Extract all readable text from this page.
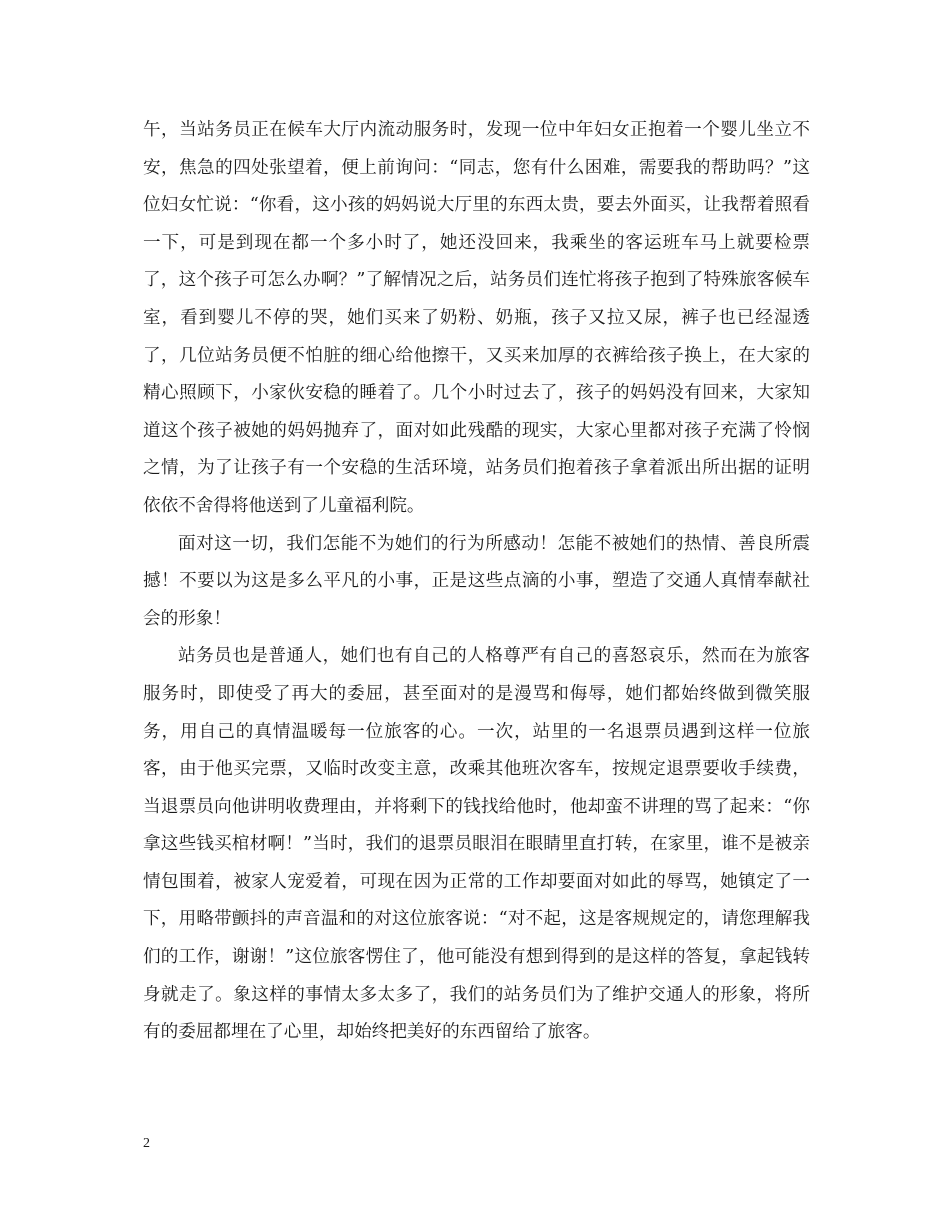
午，当站务员正在候车大厅内流动服务时，发现一位中年妇女正抱着一个婴儿坐立不安，焦急的四处张望着，便上前询问：“同志，您有什么困难，需要我的帮助吗？”这位妇女忙说：“你看，这小孩的妈妈说大厅里的东西太贵，要去外面买，让我帮着照看一下，可是到现在都一个多小时了，她还没回来，我乘坐的客运班车马上就要检票了，这个孩子可怎么办啊？”了解情况之后，站务员们连忙将孩子抱到了特殊旅客候车室，看到婴儿不停的哭，她们买来了奶粉、奶瓶，孩子又拉又尿，裤子也已经湿透了，几位站务员便不怕脏的细心给他擦干，又买来加厚的衣裤给孩子换上，在大家的精心照顾下，小家伙安稳的睡着了。几个小时过去了，孩子的妈妈没有回来，大家知道这个孩子被她的妈妈抛弃了，面对如此残酷的现实，大家心里都对孩子充满了怜悯之情，为了让孩子有一个安稳的生活环境，站务员们抱着孩子拿着派出所出据的证明依依不舍得将他送到了儿童福利院。

面对这一切，我们怎能不为她们的行为所感动！怎能不被她们的热情、善良所震撼！不要以为这是多么平凡的小事，正是这些点滴的小事，塑造了交通人真情奉献社会的形象！

站务员也是普通人，她们也有自己的人格尊严有自己的喜怒哀乐，然而在为旅客服务时，即使受了再大的委屈，甚至面对的是漫骂和侮辱，她们都始终做到微笑服务，用自己的真情温暖每一位旅客的心。一次，站里的一名退票员遇到这样一位旅客，由于他买完票，又临时改变主意，改乘其他班次客车，按规定退票要收手续费，当退票员向他讲明收费理由，并将剩下的钱找给他时，他却蛮不讲理的骂了起来：“你拿这些钱买棺材啊！”当时，我们的退票员眼泪在眼睛里直打转，在家里，谁不是被亲情包围着，被家人宠爱着，可现在因为正常的工作却要面对如此的辱骂，她镇定了一下，用略带颤抖的声音温和的对这位旅客说：“对不起，这是客规规定的，请您理解我们的工作，谢谢！”这位旅客愣住了，他可能没有想到得到的是这样的答复，拿起钱转身就走了。象这样的事情太多太多了，我们的站务员们为了维护交通人的形象，将所有的委屈都埋在了心里，却始终把美好的东西留给了旅客。

2
